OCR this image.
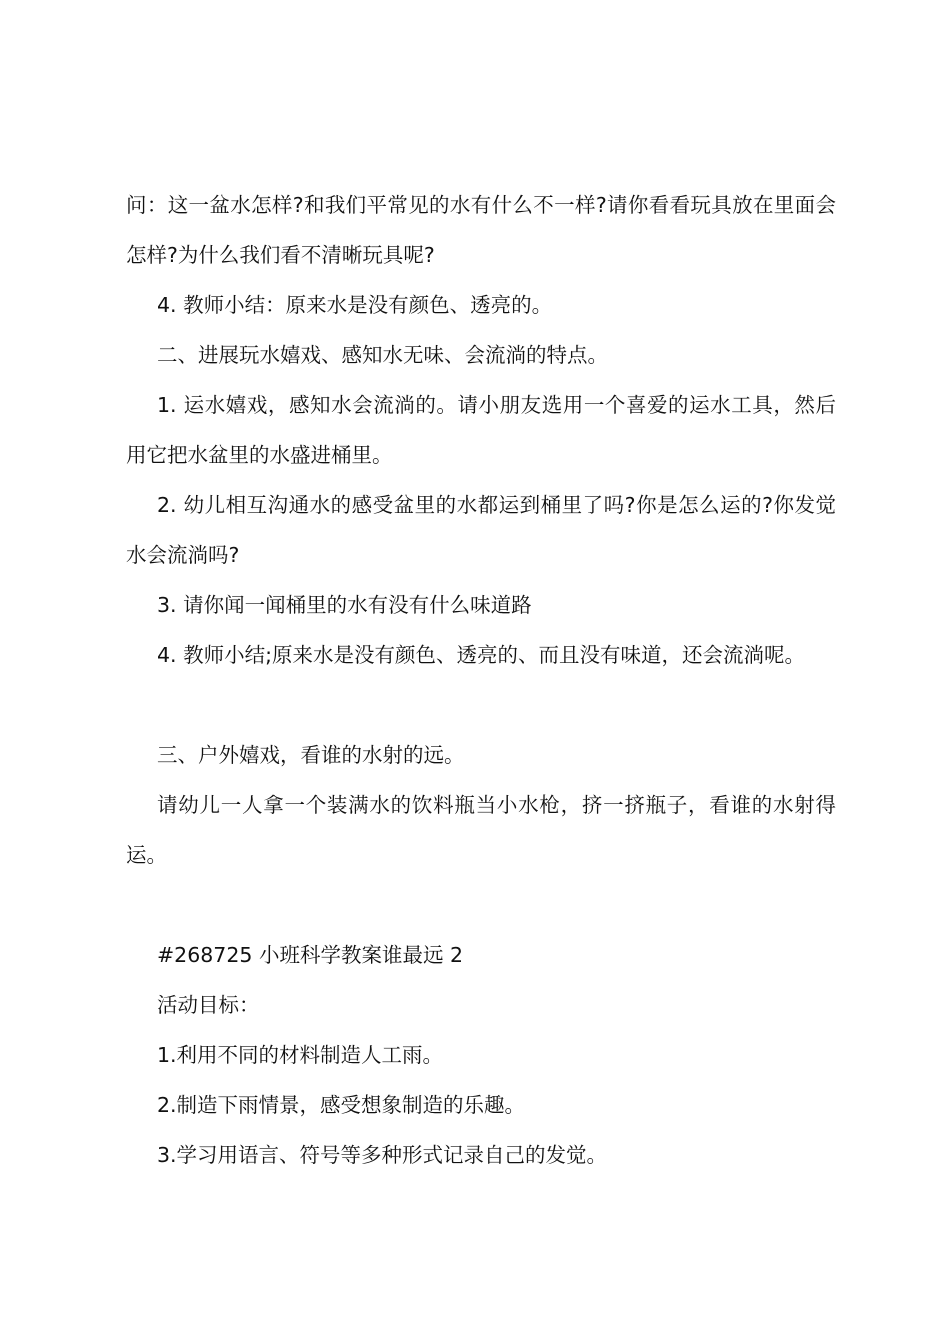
问：这一盆水怎样?和我们平常见的水有什么不一样?请你看看玩具放在里面会怎样?为什么我们看不清晰玩具呢?

4. 教师小结：原来水是没有颜色、透亮的。

二、进展玩水嬉戏、感知水无味、会流淌的特点。

1. 运水嬉戏，感知水会流淌的。请小朋友选用一个喜爱的运水工具，然后用它把水盆里的水盛进桶里。

2. 幼儿相互沟通水的感受盆里的水都运到桶里了吗?你是怎么运的?你发觉水会流淌吗?

3. 请你闻一闻桶里的水有没有什么味道路

4. 教师小结;原来水是没有颜色、透亮的、而且没有味道，还会流淌呢。

三、户外嬉戏，看谁的水射的远。

请幼儿一人拿一个装满水的饮料瓶当小水枪，挤一挤瓶子，看谁的水射得运。

#268725 小班科学教案谁最远 2

活动目标：

1.利用不同的材料制造人工雨。

2.制造下雨情景，感受想象制造的乐趣。

3.学习用语言、符号等多种形式记录自己的发觉。
